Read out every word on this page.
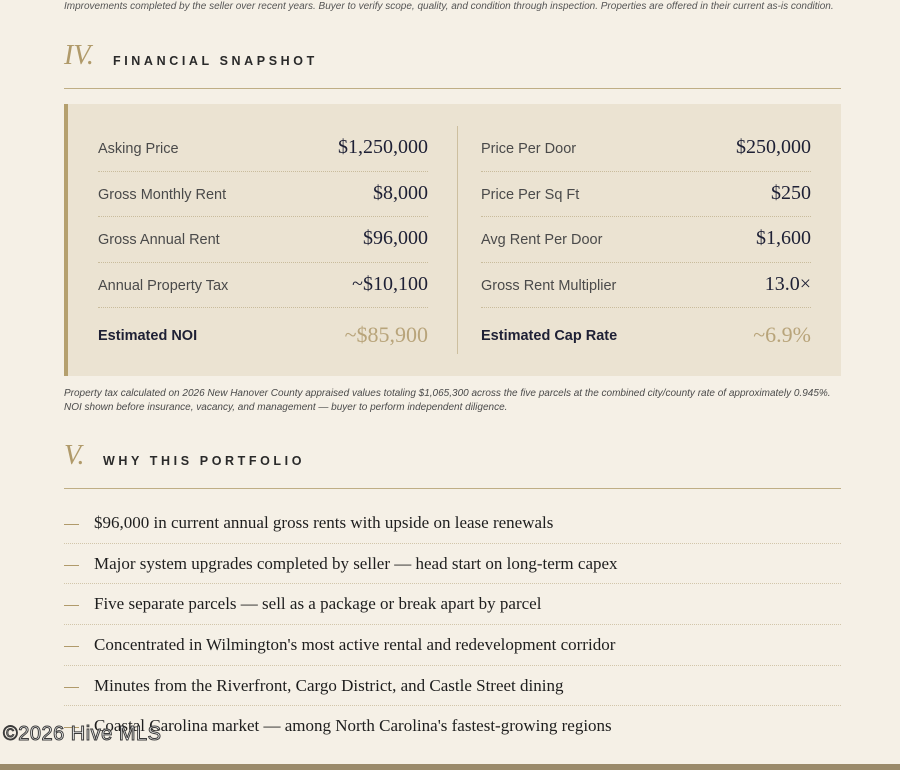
Improvements completed by the seller over recent years. Buyer to verify scope, quality, and condition through inspection. Properties are offered in their current as-is condition.
IV. FINANCIAL SNAPSHOT
Asking Price	$1,250,000
Gross Monthly Rent	$8,000
Gross Annual Rent	$96,000
Annual Property Tax	~$10,100
Estimated NOI	~$85,900
Price Per Door	$250,000
Price Per Sq Ft	$250
Avg Rent Per Door	$1,600
Gross Rent Multiplier	13.0×
Estimated Cap Rate	~6.9%
Property tax calculated on 2026 New Hanover County appraised values totaling $1,065,300 across the five parcels at the combined city/county rate of approximately 0.945%.
NOI shown before insurance, vacancy, and management — buyer to perform independent diligence.
V. WHY THIS PORTFOLIO
$96,000 in current annual gross rents with upside on lease renewals
Major system upgrades completed by seller — head start on long-term capex
Five separate parcels — sell as a package or break apart by parcel
Concentrated in Wilmington's most active rental and redevelopment corridor
Minutes from the Riverfront, Cargo District, and Castle Street dining
Coastal Carolina market — among North Carolina's fastest-growing regions
©2026 Hive MLS
